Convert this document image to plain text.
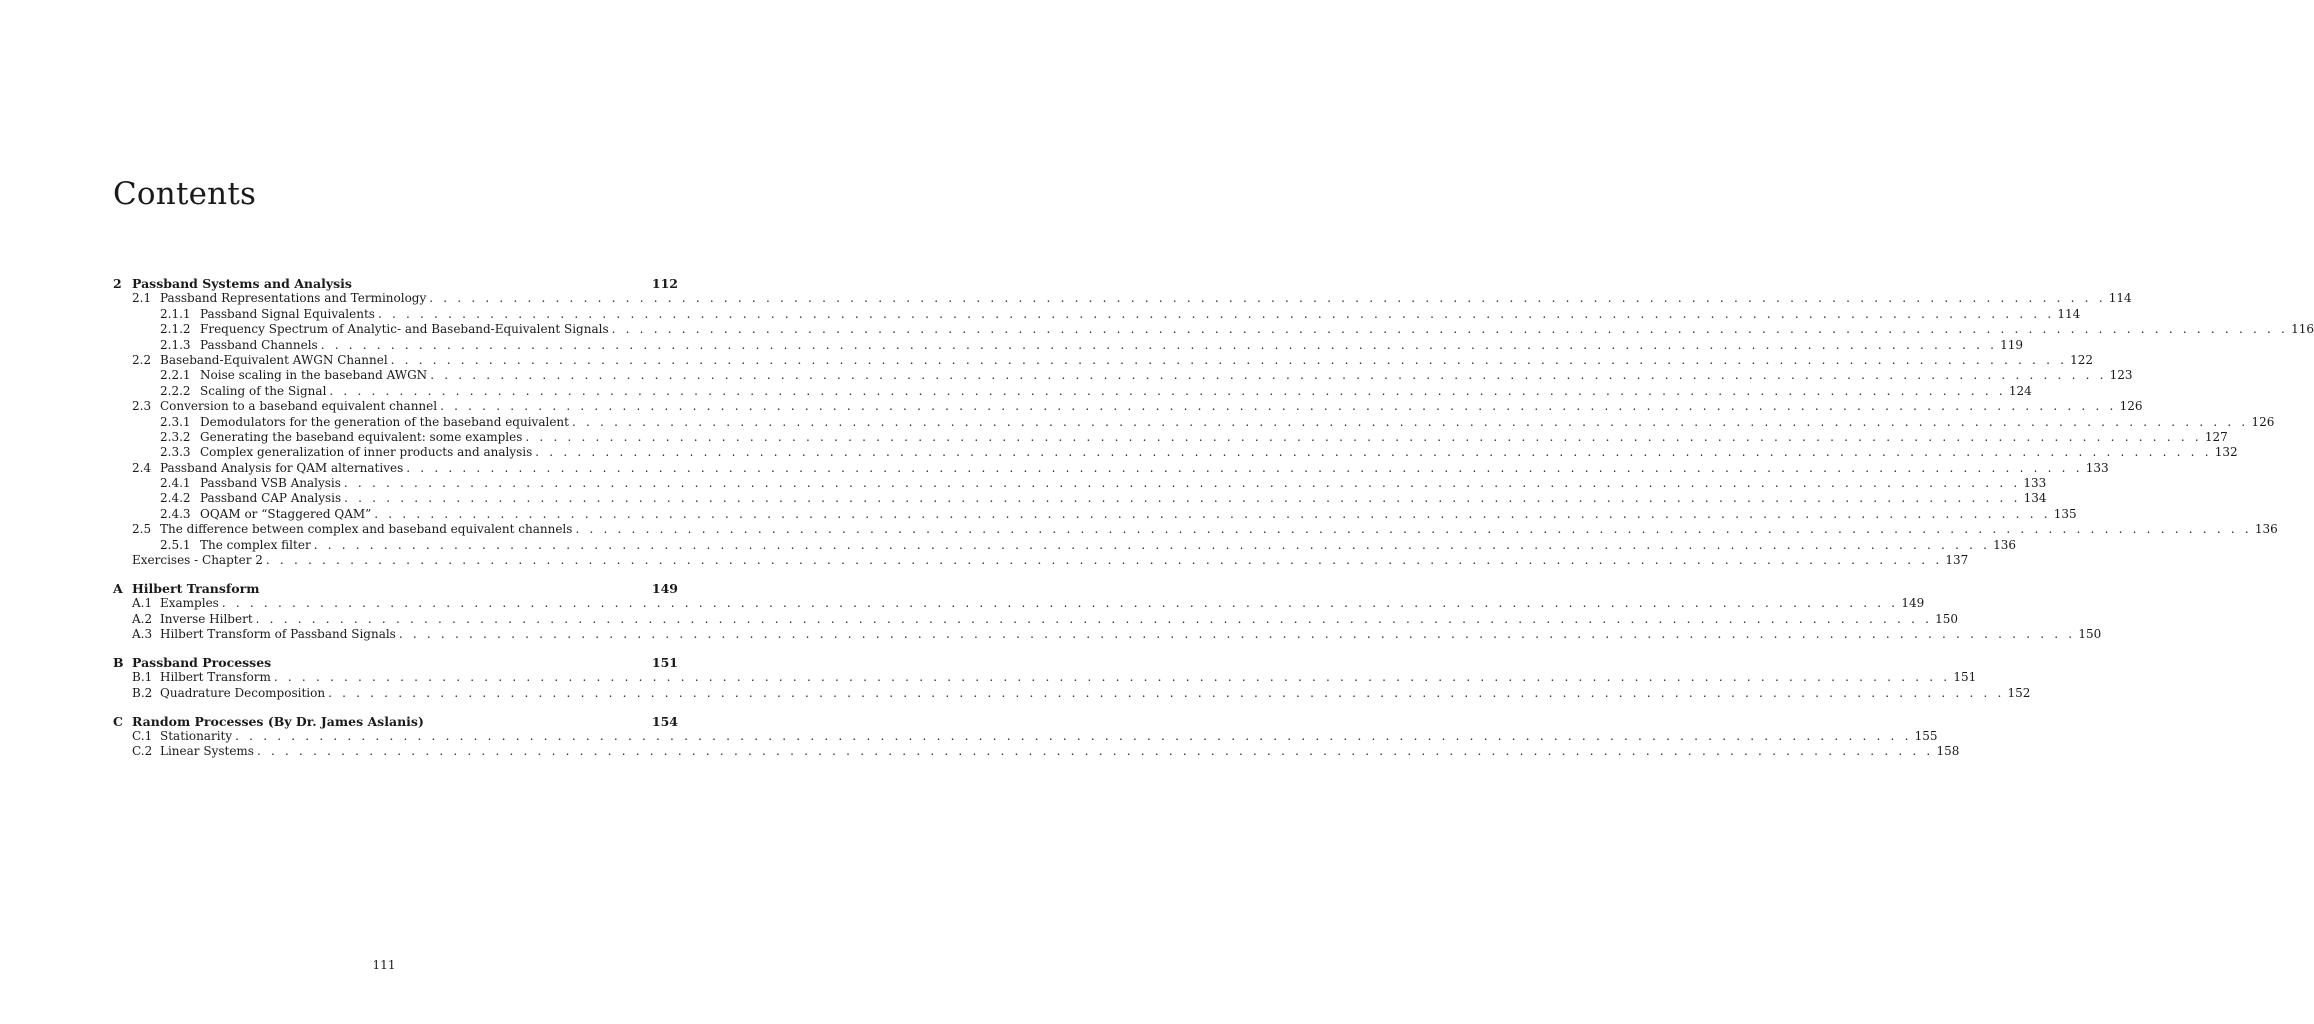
Contents
2 Passband Systems and Analysis	112
2.1 Passband Representations and Terminology . . . . . . . . . . . . . . . . . . . . . . . . . . . . . . . . . . . . . . . . . . . . . . . . . . . . . . . . . . . . . . . . . . . . . . . . . . . . . . . . . . . . . . . . . . . . . . . . . . . . . . . . . . . . . . . . . . . . . . . . 114
2.1.1 Passband Signal Equivalents . . . . . . . . . . . . . . . . . . . . . . . . . . . . . . . . . . . . . . . . . . . . . . . . . . . . . . . . . . . . . . . . . . . . . . . . . . . . . . . . . . . . . . . . . . . . . . . . . . . . . . . . . . . . . . . . . . . . . . . . 114
2.1.2 Frequency Spectrum of Analytic- and Baseband-Equivalent Signals . . . . . . . . . . . . . . . . . . . . . . . . . . . . . . . . . . . . . . . . . . . . . . . . . . . . . . . . . . . . . . . . . . . . . . . . . . . . . . . . . . . . . . . . . . . . . . . . . . . . . . . . . . . . . . . . . . . . . . . . 116
2.1.3 Passband Channels . . . . . . . . . . . . . . . . . . . . . . . . . . . . . . . . . . . . . . . . . . . . . . . . . . . . . . . . . . . . . . . . . . . . . . . . . . . . . . . . . . . . . . . . . . . . . . . . . . . . . . . . . . . . . . . . . . . . . . . . 119
2.2 Baseband-Equivalent AWGN Channel . . . . . . . . . . . . . . . . . . . . . . . . . . . . . . . . . . . . . . . . . . . . . . . . . . . . . . . . . . . . . . . . . . . . . . . . . . . . . . . . . . . . . . . . . . . . . . . . . . . . . . . . . . . . . . . . . . . . . . . . 122
2.2.1 Noise scaling in the baseband AWGN . . . . . . . . . . . . . . . . . . . . . . . . . . . . . . . . . . . . . . . . . . . . . . . . . . . . . . . . . . . . . . . . . . . . . . . . . . . . . . . . . . . . . . . . . . . . . . . . . . . . . . . . . . . . . . . . . . . . . . . . 123
2.2.2 Scaling of the Signal . . . . . . . . . . . . . . . . . . . . . . . . . . . . . . . . . . . . . . . . . . . . . . . . . . . . . . . . . . . . . . . . . . . . . . . . . . . . . . . . . . . . . . . . . . . . . . . . . . . . . . . . . . . . . . . . . . . . . . . . 124
2.3 Conversion to a baseband equivalent channel . . . . . . . . . . . . . . . . . . . . . . . . . . . . . . . . . . . . . . . . . . . . . . . . . . . . . . . . . . . . . . . . . . . . . . . . . . . . . . . . . . . . . . . . . . . . . . . . . . . . . . . . . . . . . . . . . . . . . . . . 126
2.3.1 Demodulators for the generation of the baseband equivalent . . . . . . . . . . . . . . . . . . . . . . . . . . . . . . . . . . . . . . . . . . . . . . . . . . . . . . . . . . . . . . . . . . . . . . . . . . . . . . . . . . . . . . . . . . . . . . . . . . . . . . . . . . . . . . . . . . . . . . . . 126
2.3.2 Generating the baseband equivalent: some examples . . . . . . . . . . . . . . . . . . . . . . . . . . . . . . . . . . . . . . . . . . . . . . . . . . . . . . . . . . . . . . . . . . . . . . . . . . . . . . . . . . . . . . . . . . . . . . . . . . . . . . . . . . . . . . . . . . . . . . . . 127
2.3.3 Complex generalization of inner products and analysis . . . . . . . . . . . . . . . . . . . . . . . . . . . . . . . . . . . . . . . . . . . . . . . . . . . . . . . . . . . . . . . . . . . . . . . . . . . . . . . . . . . . . . . . . . . . . . . . . . . . . . . . . . . . . . . . . . . . . . . . 132
2.4 Passband Analysis for QAM alternatives . . . . . . . . . . . . . . . . . . . . . . . . . . . . . . . . . . . . . . . . . . . . . . . . . . . . . . . . . . . . . . . . . . . . . . . . . . . . . . . . . . . . . . . . . . . . . . . . . . . . . . . . . . . . . . . . . . . . . . . . 133
2.4.1 Passband VSB Analysis . . . . . . . . . . . . . . . . . . . . . . . . . . . . . . . . . . . . . . . . . . . . . . . . . . . . . . . . . . . . . . . . . . . . . . . . . . . . . . . . . . . . . . . . . . . . . . . . . . . . . . . . . . . . . . . . . . . . . . . . 133
2.4.2 Passband CAP Analysis . . . . . . . . . . . . . . . . . . . . . . . . . . . . . . . . . . . . . . . . . . . . . . . . . . . . . . . . . . . . . . . . . . . . . . . . . . . . . . . . . . . . . . . . . . . . . . . . . . . . . . . . . . . . . . . . . . . . . . . . 134
2.4.3 OQAM or “Staggered QAM” . . . . . . . . . . . . . . . . . . . . . . . . . . . . . . . . . . . . . . . . . . . . . . . . . . . . . . . . . . . . . . . . . . . . . . . . . . . . . . . . . . . . . . . . . . . . . . . . . . . . . . . . . . . . . . . . . . . . . . . . 135
2.5 The difference between complex and baseband equivalent channels . . . . . . . . . . . . . . . . . . . . . . . . . . . . . . . . . . . . . . . . . . . . . . . . . . . . . . . . . . . . . . . . . . . . . . . . . . . . . . . . . . . . . . . . . . . . . . . . . . . . . . . . . . . . . . . . . . . . . . . . 136
2.5.1 The complex filter . . . . . . . . . . . . . . . . . . . . . . . . . . . . . . . . . . . . . . . . . . . . . . . . . . . . . . . . . . . . . . . . . . . . . . . . . . . . . . . . . . . . . . . . . . . . . . . . . . . . . . . . . . . . . . . . . . . . . . . . 136
Exercises - Chapter 2 . . . . . . . . . . . . . . . . . . . . . . . . . . . . . . . . . . . . . . . . . . . . . . . . . . . . . . . . . . . . . . . . . . . . . . . . . . . . . . . . . . . . . . . . . . . . . . . . . . . . . . . . . . . . . . . . . . . . . . . . 137
A Hilbert Transform	149
A.1 Examples . . . . . . . . . . . . . . . . . . . . . . . . . . . . . . . . . . . . . . . . . . . . . . . . . . . . . . . . . . . . . . . . . . . . . . . . . . . . . . . . . . . . . . . . . . . . . . . . . . . . . . . . . . . . . . . . . . . . . . . . 149
A.2 Inverse Hilbert . . . . . . . . . . . . . . . . . . . . . . . . . . . . . . . . . . . . . . . . . . . . . . . . . . . . . . . . . . . . . . . . . . . . . . . . . . . . . . . . . . . . . . . . . . . . . . . . . . . . . . . . . . . . . . . . . . . . . . . . 150
A.3 Hilbert Transform of Passband Signals . . . . . . . . . . . . . . . . . . . . . . . . . . . . . . . . . . . . . . . . . . . . . . . . . . . . . . . . . . . . . . . . . . . . . . . . . . . . . . . . . . . . . . . . . . . . . . . . . . . . . . . . . . . . . . . . . . . . . . . . 150
B Passband Processes	151
B.1 Hilbert Transform . . . . . . . . . . . . . . . . . . . . . . . . . . . . . . . . . . . . . . . . . . . . . . . . . . . . . . . . . . . . . . . . . . . . . . . . . . . . . . . . . . . . . . . . . . . . . . . . . . . . . . . . . . . . . . . . . . . . . . . . 151
B.2 Quadrature Decomposition . . . . . . . . . . . . . . . . . . . . . . . . . . . . . . . . . . . . . . . . . . . . . . . . . . . . . . . . . . . . . . . . . . . . . . . . . . . . . . . . . . . . . . . . . . . . . . . . . . . . . . . . . . . . . . . . . . . . . . . . 152
C Random Processes (By Dr. James Aslanis)	154
C.1 Stationarity . . . . . . . . . . . . . . . . . . . . . . . . . . . . . . . . . . . . . . . . . . . . . . . . . . . . . . . . . . . . . . . . . . . . . . . . . . . . . . . . . . . . . . . . . . . . . . . . . . . . . . . . . . . . . . . . . . . . . . . . 155
C.2 Linear Systems . . . . . . . . . . . . . . . . . . . . . . . . . . . . . . . . . . . . . . . . . . . . . . . . . . . . . . . . . . . . . . . . . . . . . . . . . . . . . . . . . . . . . . . . . . . . . . . . . . . . . . . . . . . . . . . . . . . . . . . . 158
111
